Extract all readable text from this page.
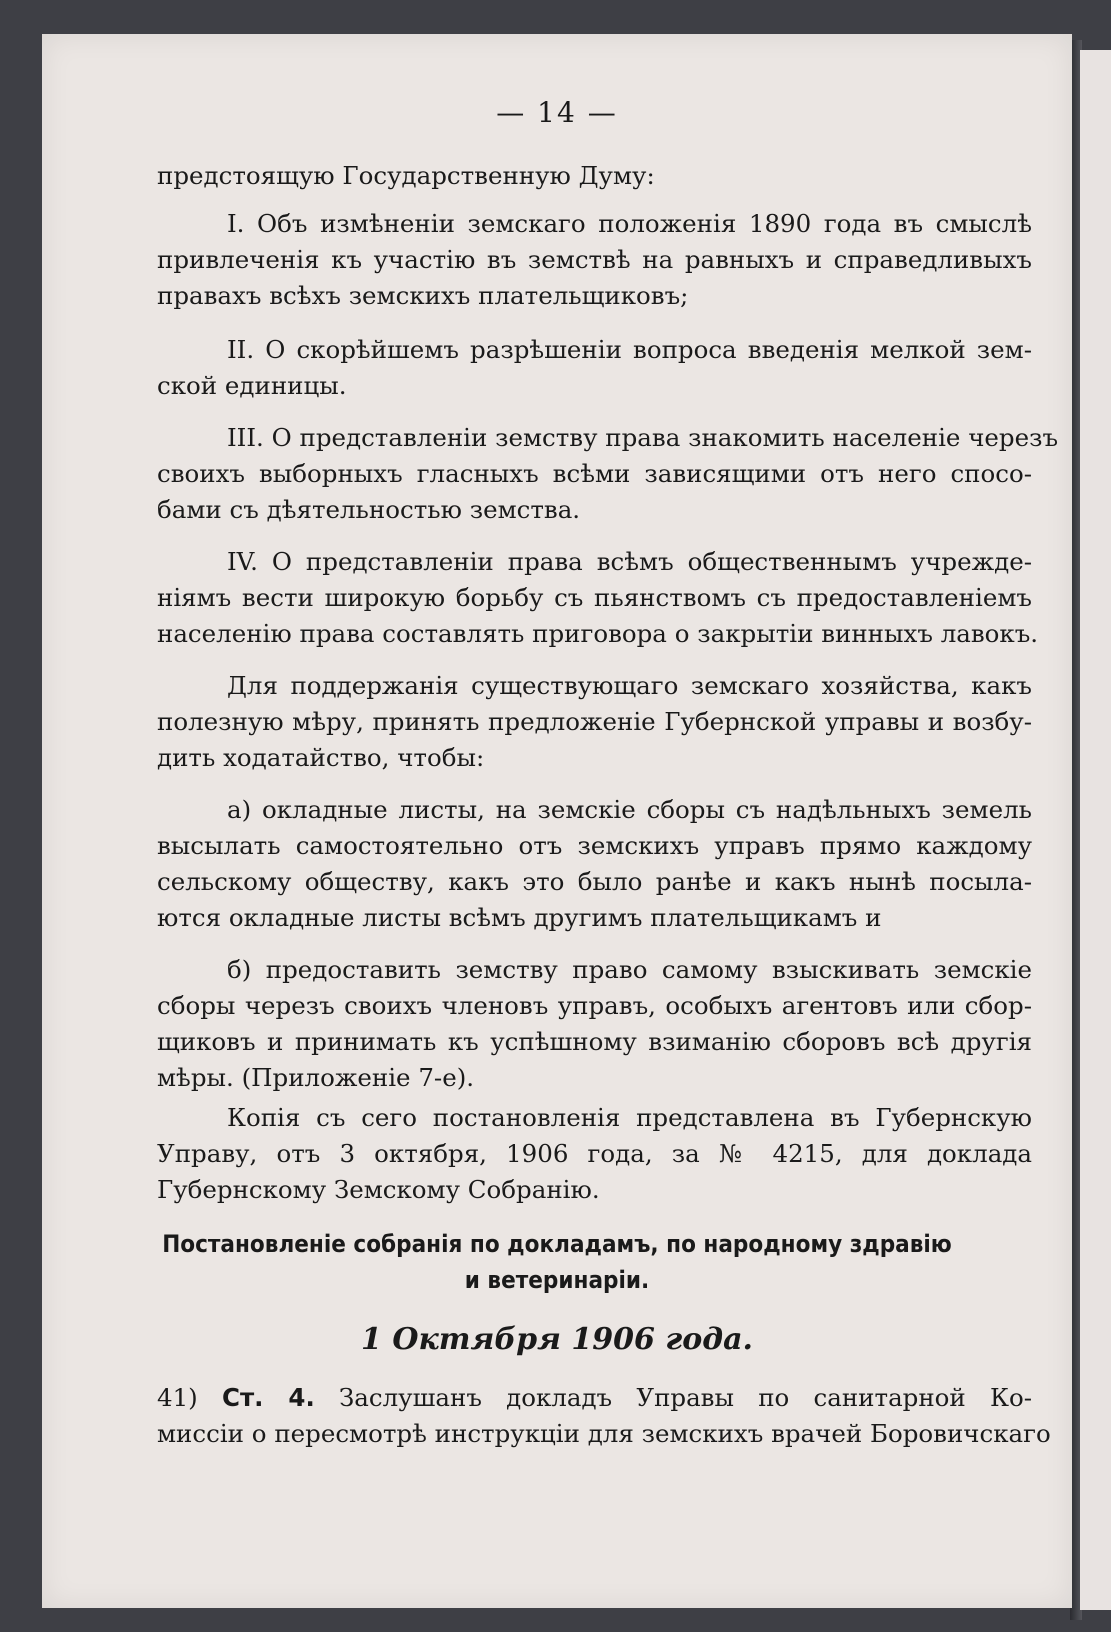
— 14 —
предстоящую Государственную Думу:
I. Объ измѣненіи земскаго положенія 1890 года въ смыслѣ
привлеченія къ участію въ земствѣ на равныхъ и справедливыхъ
правахъ всѣхъ земскихъ плательщиковъ;
II. О скорѣйшемъ разрѣшеніи вопроса введенія мелкой зем-
ской единицы.
III. О представленіи земству права знакомить населеніе черезъ
своихъ выборныхъ гласныхъ всѣми зависящими отъ него спосо-
бами съ дѣятельностью земства.
IV. О представленіи права всѣмъ общественнымъ учрежде-
ніямъ вести широкую борьбу съ пьянствомъ съ предоставленіемъ
населенію права составлять приговора о закрытіи винныхъ лавокъ.
Для поддержанія существующаго земскаго хозяйства, какъ
полезную мѣру, принять предложеніе Губернской управы и возбу-
дить ходатайство, чтобы:
а) окладные листы, на земскіе сборы съ надѣльныхъ земель
высылать самостоятельно отъ земскихъ управъ прямо каждому
сельскому обществу, какъ это было ранѣе и какъ нынѣ посыла-
ются окладные листы всѣмъ другимъ плательщикамъ и
б) предоставить земству право самому взыскивать земскіе
сборы черезъ своихъ членовъ управъ, особыхъ агентовъ или сбор-
щиковъ и принимать къ успѣшному взиманію сборовъ всѣ другія
мѣры. (Приложеніе 7-е).
Копія съ сего постановленія представлена въ Губернскую
Управу, отъ 3 октября, 1906 года, за № 4215, для доклада
Губернскому Земскому Собранію.
Постановленіе собранія по докладамъ, по народному здравію
и ветеринаріи.
1 Октября 1906 года.
41) Ст. 4. Заслушанъ докладъ Управы по санитарной Ко-
миссіи о пересмотрѣ инструкціи для земскихъ врачей Боровичскаго
